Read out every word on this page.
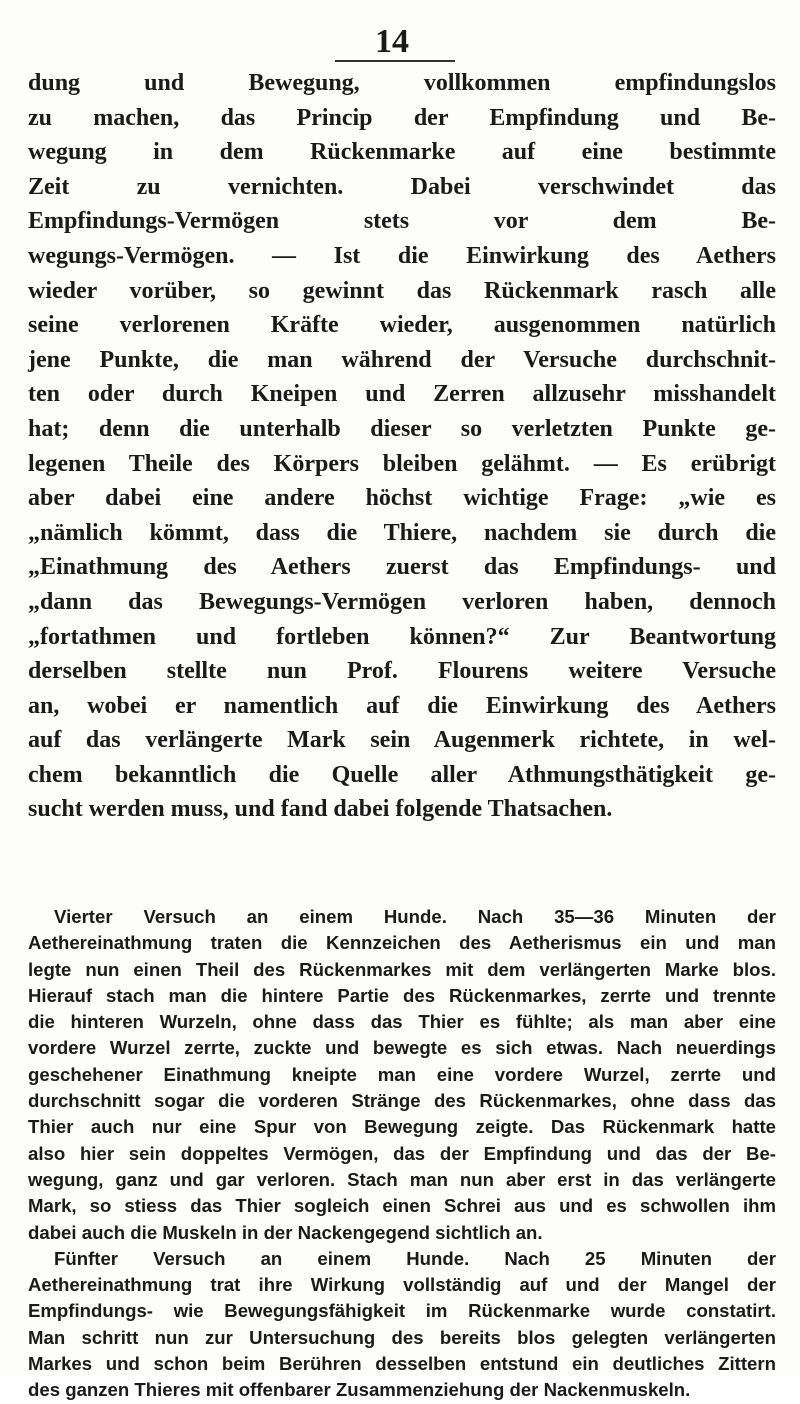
14
dung und Bewegung, vollkommen empfindungslos
zu machen, das Princip der Empfindung und Be-
wegung in dem Rückenmarke auf eine bestimmte
Zeit zu vernichten. Dabei verschwindet das
Empfindungs-Vermögen stets vor dem Be-
wegungs-Vermögen. — Ist die Einwirkung des Aethers
wieder vorüber, so gewinnt das Rückenmark rasch alle
seine verlorenen Kräfte wieder, ausgenommen natürlich
jene Punkte, die man während der Versuche durchschnit-
ten oder durch Kneipen und Zerren allzusehr misshandelt
hat; denn die unterhalb dieser so verletzten Punkte ge-
legenen Theile des Körpers bleiben gelähmt. — Es erübrigt
aber dabei eine andere höchst wichtige Frage: „wie es
„nämlich kömmt, dass die Thiere, nachdem sie durch die
„Einathmung des Aethers zuerst das Empfindungs- und
„dann das Bewegungs-Vermögen verloren haben, dennoch
„fortathmen und fortleben können?“ Zur Beantwortung
derselben stellte nun Prof. Flourens weitere Versuche
an, wobei er namentlich auf die Einwirkung des Aethers
auf das verlängerte Mark sein Augenmerk richtete, in wel-
chem bekanntlich die Quelle aller Athmungsthätigkeit ge-
sucht werden muss, und fand dabei folgende Thatsachen.
Vierter Versuch an einem Hunde. Nach 35—36 Minuten der
Aethereinathmung traten die Kennzeichen des Aetherismus ein und man
legte nun einen Theil des Rückenmarkes mit dem verlängerten Marke blos.
Hierauf stach man die hintere Partie des Rückenmarkes, zerrte und trennte
die hinteren Wurzeln, ohne dass das Thier es fühlte; als man aber eine
vordere Wurzel zerrte, zuckte und bewegte es sich etwas. Nach neuerdings
geschehener Einathmung kneipte man eine vordere Wurzel, zerrte und
durchschnitt sogar die vorderen Stränge des Rückenmarkes, ohne dass das
Thier auch nur eine Spur von Bewegung zeigte. Das Rückenmark hatte
also hier sein doppeltes Vermögen, das der Empfindung und das der Be-
wegung, ganz und gar verloren. Stach man nun aber erst in das verlängerte
Mark, so stiess das Thier sogleich einen Schrei aus und es schwollen ihm
dabei auch die Muskeln in der Nackengegend sichtlich an.
Fünfter Versuch an einem Hunde. Nach 25 Minuten der
Aethereinathmung trat ihre Wirkung vollständig auf und der Mangel der
Empfindungs- wie Bewegungsfähigkeit im Rückenmarke wurde constatirt.
Man schritt nun zur Untersuchung des bereits blos gelegten verlängerten
Markes und schon beim Berühren desselben entstund ein deutliches Zittern
des ganzen Thieres mit offenbarer Zusammenziehung der Nackenmuskeln.
